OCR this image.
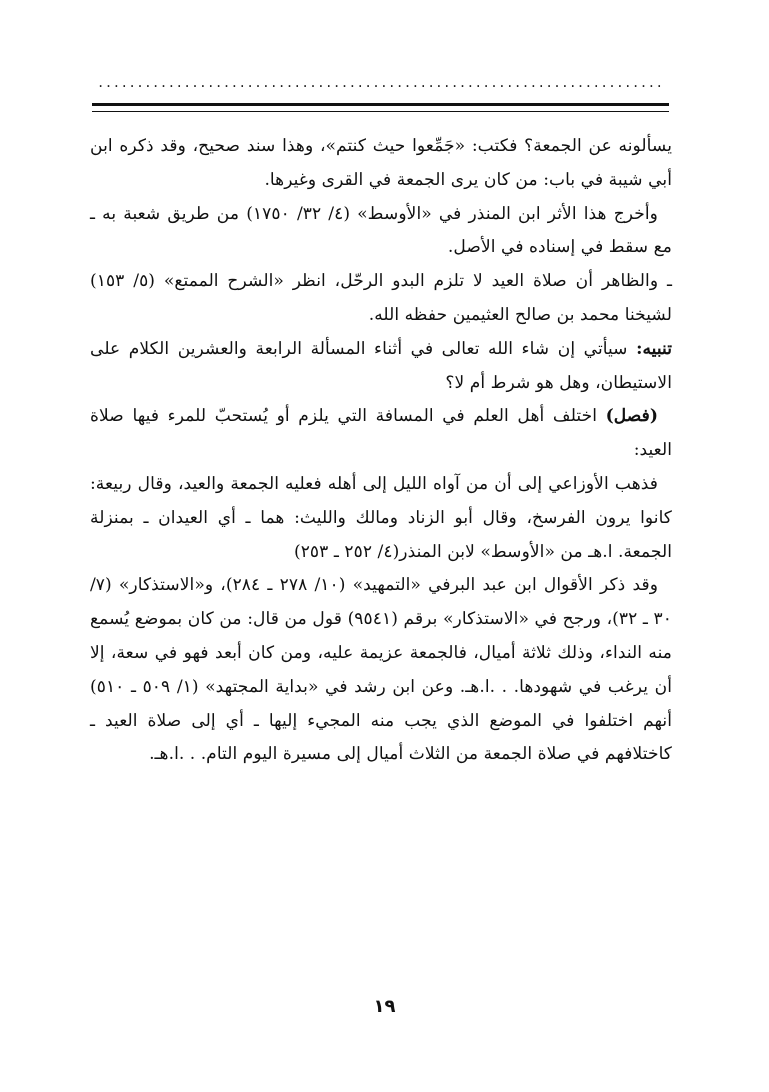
........................................................................

يسألونه عن الجمعة؟ فكتب: «جَمِّعوا حيث كنتم»، وهذا سند صحيح، وقد ذكره ابن أبي شيبة في باب: من كان يرى الجمعة في القرى وغيرها.

وأخرج هذا الأثر ابن المنذر في «الأوسط» (٤/ ٣٢/ ١٧٥٠) من طريق شعبة به ـ مع سقط في إسناده في الأصل.

ـ والظاهر أن صلاة العيد لا تلزم البدو الرحّل، انظر «الشرح الممتع» (٥/ ١٥٣) لشيخنا محمد بن صالح العثيمين حفظه الله.

تنبيه: سيأتي إن شاء الله تعالى في أثناء المسألة الرابعة والعشرين الكلام على الاستيطان، وهل هو شرط أم لا؟

(فصل) اختلف أهل العلم في المسافة التي يلزم أو يُستحبّ للمرء فيها صلاة العيد:

فذهب الأوزاعي إلى أن من آواه الليل إلى أهله فعليه الجمعة والعيد، وقال ربيعة: كانوا يرون الفرسخ، وقال أبو الزناد ومالك والليث: هما ـ أي العيدان ـ بمنزلة الجمعة. ا.هـ من «الأوسط» لابن المنذر(٤/ ٢٥٢ ـ ٢٥٣)

وقد ذكر الأقوال ابن عبد البرفي «التمهيد» (١٠/ ٢٧٨ ـ ٢٨٤)، و«الاستذكار» (٧/ ٣٠ ـ ٣٢)، ورجح في «الاستذكار» برقم (٩٥٤١) قول من قال: من كان بموضع يُسمع منه النداء، وذلك ثلاثة أميال، فالجمعة عزيمة عليه، ومن كان أبعد فهو في سعة، إلا أن يرغب في شهودها. . .ا.هـ. وعن ابن رشد في «بداية المجتهد» (١/ ٥٠٩ ـ ٥١٠) أنهم اختلفوا في الموضع الذي يجب منه المجيء إليها ـ أي إلى صلاة العيد ـ كاختلافهم في صلاة الجمعة من الثلاث أميال إلى مسيرة اليوم التام. . .ا.هـ.

١٩
